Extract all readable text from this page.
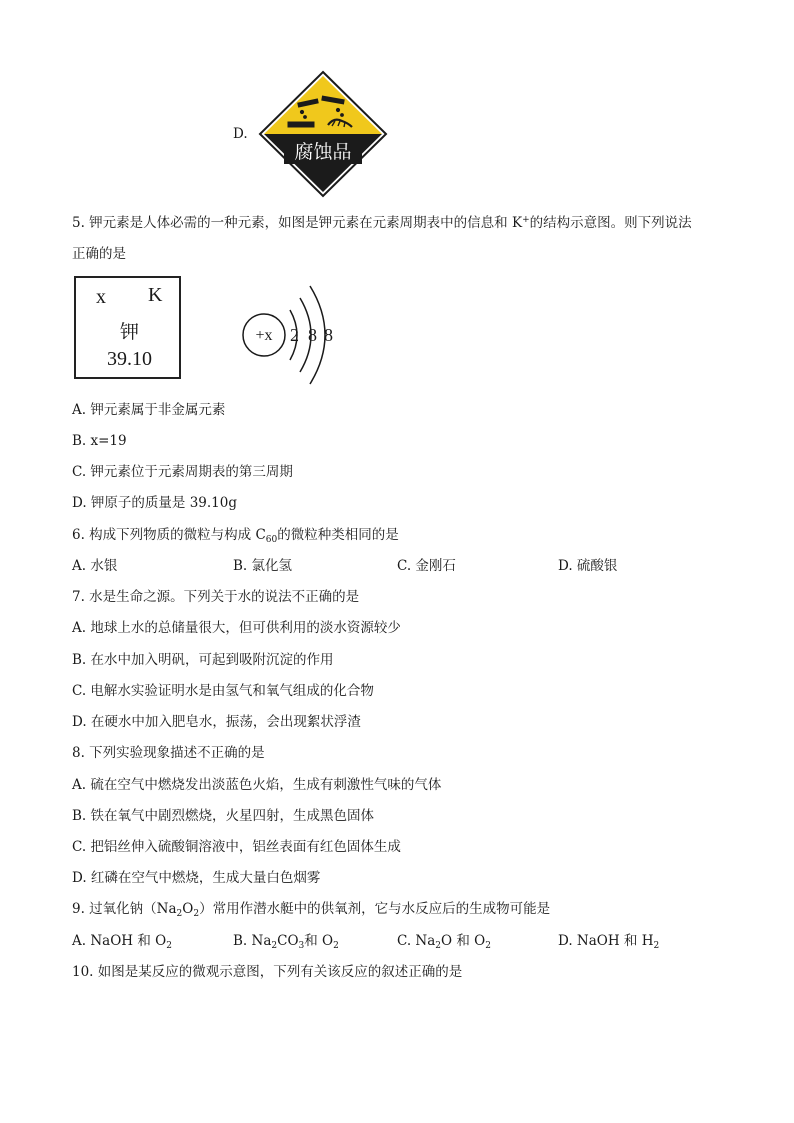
D.
腐蚀品
5. 钾元素是人体必需的一种元素，如图是钾元素在元素周期表中的信息和 K+的结构示意图。则下列说法
正确的是
x K
钾
39.10
+x 2 8 8
A. 钾元素属于非金属元素
B. x=19
C. 钾元素位于元素周期表的第三周期
D. 钾原子的质量是 39.10g
6. 构成下列物质的微粒与构成 $C_{60}$的微粒种类相同的是
A. 水银	B. 氯化氢	C. 金刚石	D. 硫酸银
7. 水是生命之源。下列关于水的说法不正确的是
A. 地球上水的总储量很大，但可供利用的淡水资源较少
B. 在水中加入明矾，可起到吸附沉淀的作用
C. 电解水实验证明水是由氢气和氧气组成的化合物
D. 在硬水中加入肥皂水，振荡，会出现絮状浮渣
8. 下列实验现象描述不正确的是
A. 硫在空气中燃烧发出淡蓝色火焰，生成有刺激性气味的气体
B. 铁在氧气中剧烈燃烧，火星四射，生成黑色固体
C. 把铝丝伸入硫酸铜溶液中，铝丝表面有红色固体生成
D. 红磷在空气中燃烧，生成大量白色烟雾
9. 过氧化钠$(Na_2O_2)$常用作潜水艇中的供氧剂，它与水反应后的生成物可能是
A. NaOH 和 $O_2$	B. $Na_2CO_3$和 $O_2$	C. $Na_2O$ 和 $O_2$	D. NaOH 和 $H_2$
10. 如图是某反应的微观示意图，下列有关该反应的叙述正确的是
